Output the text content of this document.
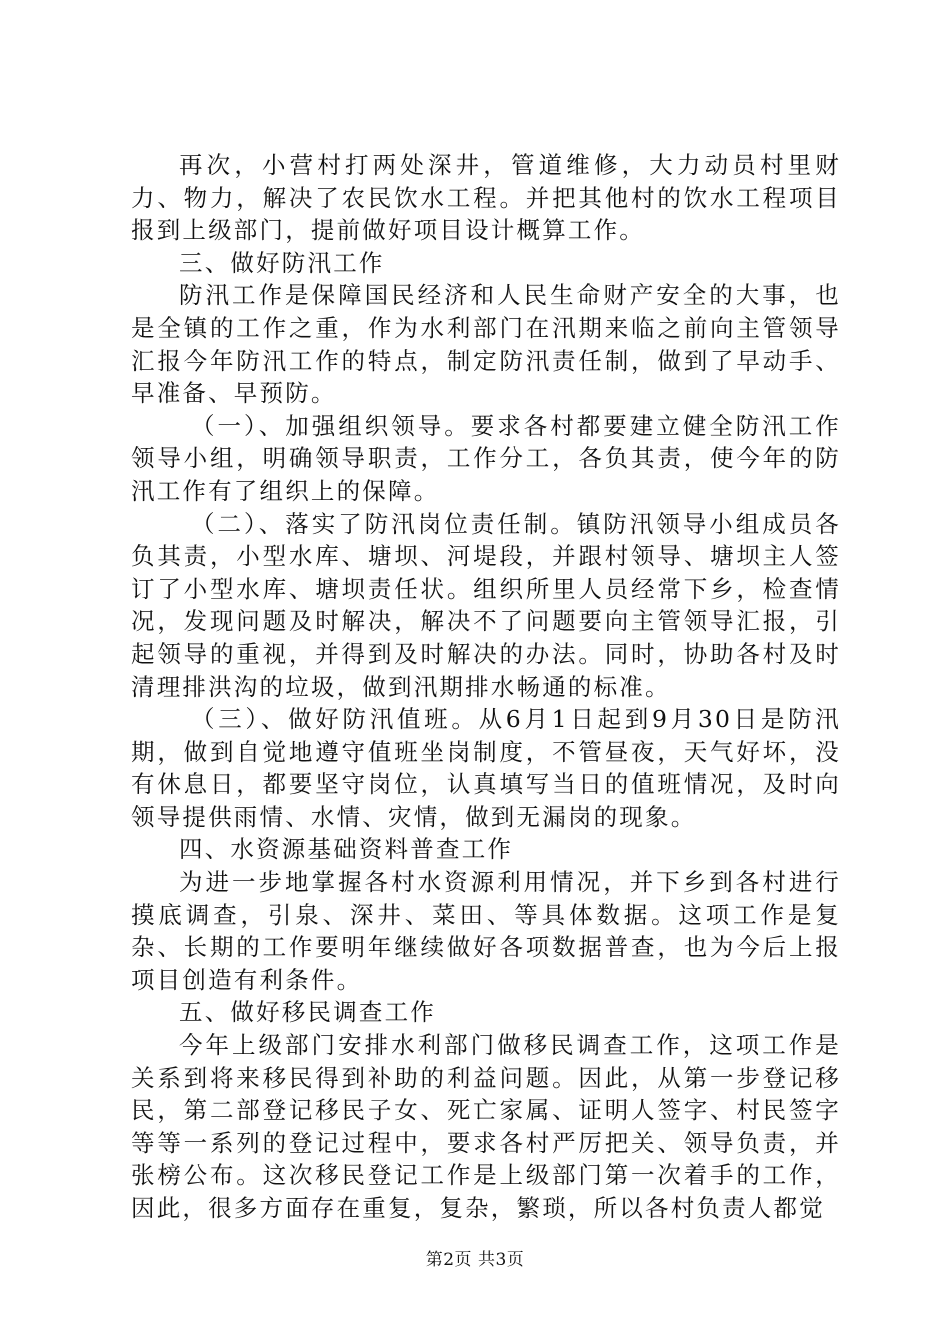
再次，小营村打两处深井，管道维修，大力动员村里财力、物力，解决了农民饮水工程。并把其他村的饮水工程项目报到上级部门，提前做好项目设计概算工作。

三、做好防汛工作

防汛工作是保障国民经济和人民生命财产安全的大事，也是全镇的工作之重，作为水利部门在汛期来临之前向主管领导汇报今年防汛工作的特点，制定防汛责任制，做到了早动手、早准备、早预防。

（一）、加强组织领导。要求各村都要建立健全防汛工作领导小组，明确领导职责，工作分工，各负其责，使今年的防汛工作有了组织上的保障。

（二）、落实了防汛岗位责任制。镇防汛领导小组成员各负其责，小型水库、塘坝、河堤段，并跟村领导、塘坝主人签订了小型水库、塘坝责任状。组织所里人员经常下乡，检查情况，发现问题及时解决，解决不了问题要向主管领导汇报，引起领导的重视，并得到及时解决的办法。同时，协助各村及时清理排洪沟的垃圾，做到汛期排水畅通的标准。

（三）、做好防汛值班。从6月1日起到9月30日是防汛期，做到自觉地遵守值班坐岗制度，不管昼夜，天气好坏，没有休息日，都要坚守岗位，认真填写当日的值班情况，及时向领导提供雨情、水情、灾情，做到无漏岗的现象。

四、水资源基础资料普查工作

为进一步地掌握各村水资源利用情况，并下乡到各村进行摸底调查，引泉、深井、菜田、等具体数据。这项工作是复杂、长期的工作要明年继续做好各项数据普查，也为今后上报项目创造有利条件。

五、做好移民调查工作

今年上级部门安排水利部门做移民调查工作，这项工作是关系到将来移民得到补助的利益问题。因此，从第一步登记移民，第二部登记移民子女、死亡家属、证明人签字、村民签字等等一系列的登记过程中，要求各村严厉把关、领导负责，并张榜公布。这次移民登记工作是上级部门第一次着手的工作，因此，很多方面存在重复，复杂，繁琐，所以各村负责人都觉

第2页 共3页
